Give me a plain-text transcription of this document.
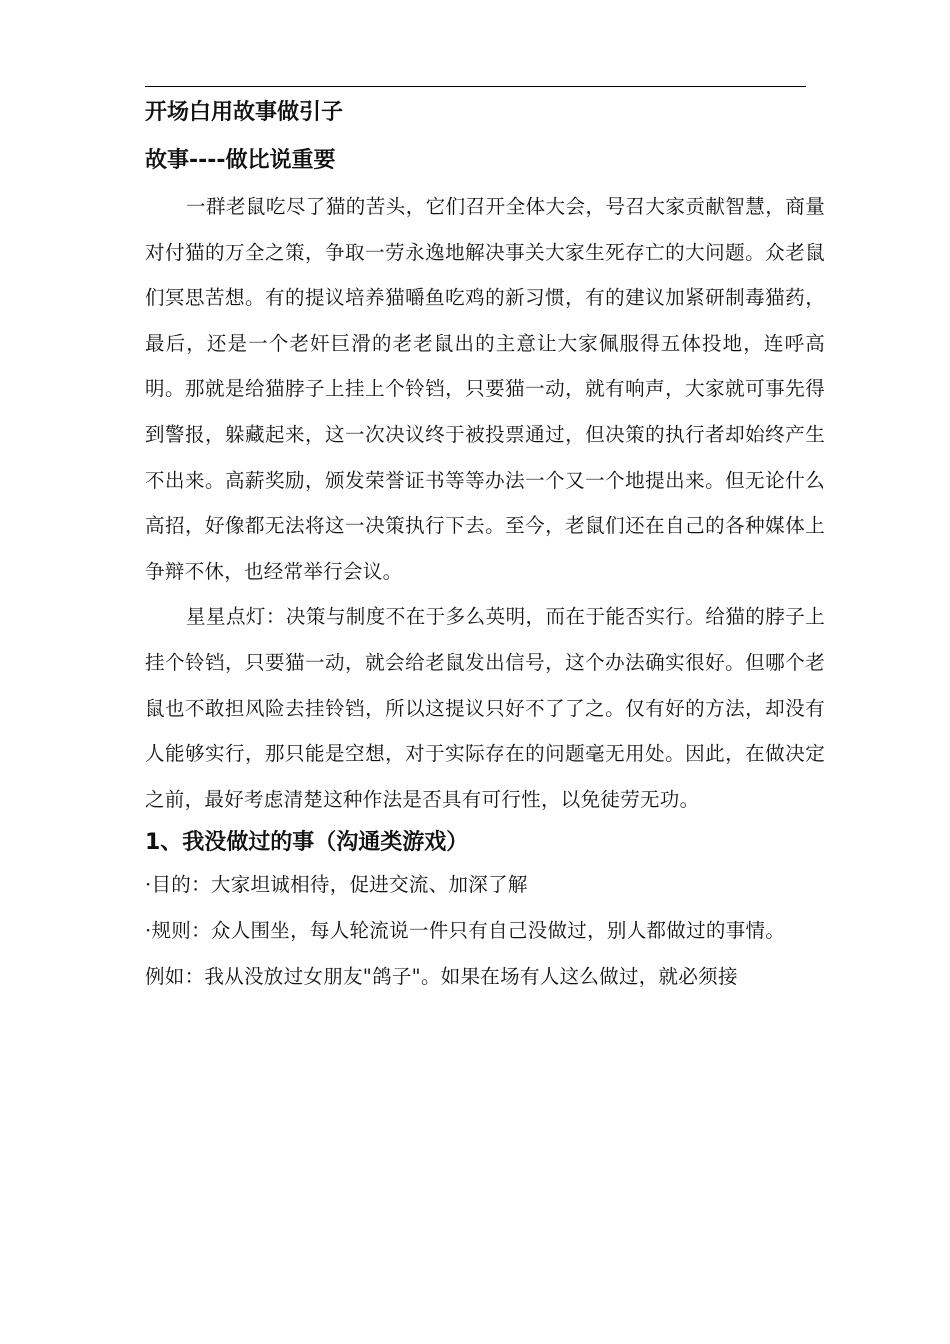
开场白用故事做引子
故事----做比说重要

一群老鼠吃尽了猫的苦头，它们召开全体大会，号召大家贡献智慧，商量对付猫的万全之策，争取一劳永逸地解决事关大家生死存亡的大问题。众老鼠们冥思苦想。有的提议培养猫嚼鱼吃鸡的新习惯，有的建议加紧研制毒猫药，最后，还是一个老奸巨滑的老老鼠出的主意让大家佩服得五体投地，连呼高明。那就是给猫脖子上挂上个铃铛，只要猫一动，就有响声，大家就可事先得到警报，躲藏起来，这一次决议终于被投票通过，但决策的执行者却始终产生不出来。高薪奖励，颁发荣誉证书等等办法一个又一个地提出来。但无论什么高招，好像都无法将这一决策执行下去。至今，老鼠们还在自己的各种媒体上争辩不休，也经常举行会议。

星星点灯：决策与制度不在于多么英明，而在于能否实行。给猫的脖子上挂个铃铛，只要猫一动，就会给老鼠发出信号，这个办法确实很好。但哪个老鼠也不敢担风险去挂铃铛，所以这提议只好不了了之。仅有好的方法，却没有人能够实行，那只能是空想，对于实际存在的问题毫无用处。因此，在做决定之前，最好考虑清楚这种作法是否具有可行性，以免徒劳无功。

1、我没做过的事（沟通类游戏）

·目的：大家坦诚相待，促进交流、加深了解

·规则：众人围坐，每人轮流说一件只有自己没做过，别人都做过的事情。

例如：我从没放过女朋友"鸽子"。如果在场有人这么做过，就必须接
